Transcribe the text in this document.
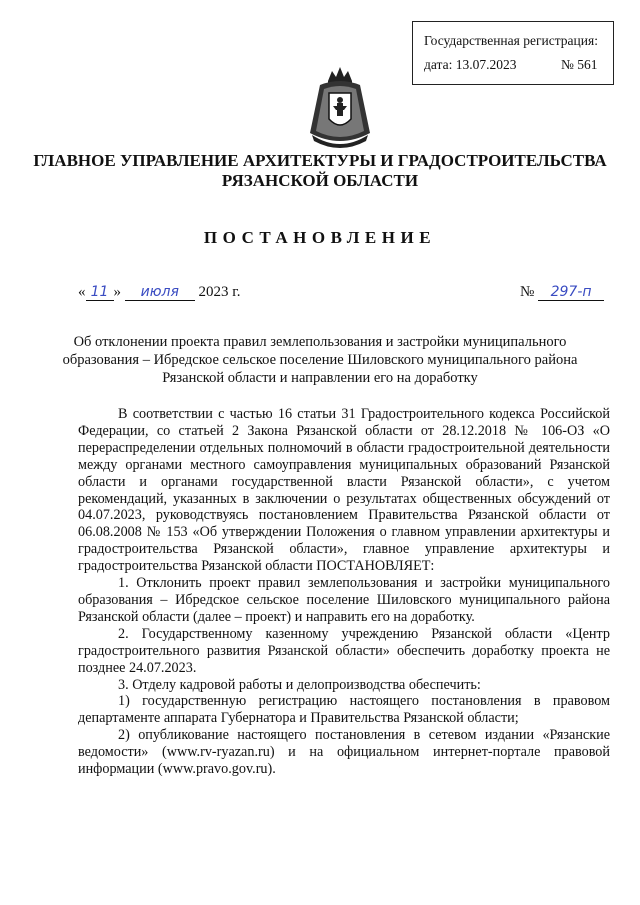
Государственная регистрация:
дата: 13.07.2023	№ 561
ГЛАВНОЕ УПРАВЛЕНИЕ АРХИТЕКТУРЫ И ГРАДОСТРОИТЕЛЬСТВА
РЯЗАНСКОЙ ОБЛАСТИ
ПОСТАНОВЛЕНИЕ
« 11 » июля 2023 г.	№ 297-п
Об отклонении проекта правил землепользования и застройки муниципального образования – Ибредское сельское поселение Шиловского муниципального района Рязанской области и направлении его на доработку

В соответствии с частью 16 статьи 31 Градостроительного кодекса Российской Федерации, со статьей 2 Закона Рязанской области от 28.12.2018 № 106-ОЗ «О перераспределении отдельных полномочий в области градостроительной деятельности между органами местного самоуправления муниципальных образований Рязанской области и органами государственной власти Рязанской области», с учетом рекомендаций, указанных в заключении о результатах общественных обсуждений от 04.07.2023, руководствуясь постановлением Правительства Рязанской области от 06.08.2008 № 153 «Об утверждении Положения о главном управлении архитектуры и градостроительства Рязанской области», главное управление архитектуры и градостроительства Рязанской области ПОСТАНОВЛЯЕТ:

1. Отклонить проект правил землепользования и застройки муниципального образования – Ибредское сельское поселение Шиловского муниципального района Рязанской области (далее – проект) и направить его на доработку.

2. Государственному казенному учреждению Рязанской области «Центр градостроительного развития Рязанской области» обеспечить доработку проекта не позднее 24.07.2023.

3. Отделу кадровой работы и делопроизводства обеспечить:

1) государственную регистрацию настоящего постановления в правовом департаменте аппарата Губернатора и Правительства Рязанской области;

2) опубликование настоящего постановления в сетевом издании «Рязанские ведомости» (www.rv-ryazan.ru) и на официальном интернет-портале правовой информации (www.pravo.gov.ru).
